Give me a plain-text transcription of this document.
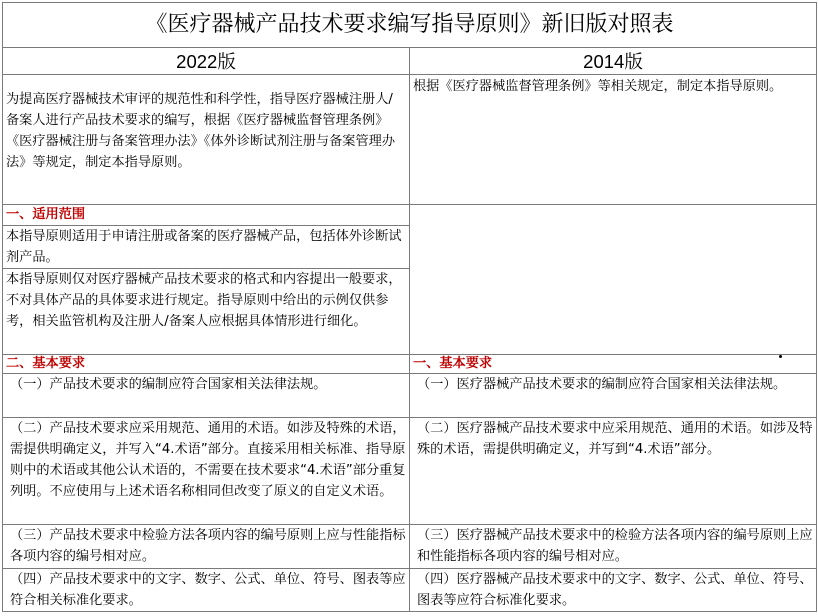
《医疗器械产品技术要求编写指导原则》新旧版对照表	
2022版	2014版
为提高医疗器械技术审评的规范性和科学性，指导医疗器械注册人/备案人进行产品技术要求的编写，根据《医疗器械监督管理条例》《医疗器械注册与备案管理办法》《体外诊断试剂注册与备案管理办法》等规定，制定本指导原则。	根据《医疗器械监督管理条例》等相关规定，制定本指导原则。
一、适用范围	
本指导原则适用于申请注册或备案的医疗器械产品，包括体外诊断试剂产品。	
本指导原则仅对医疗器械产品技术要求的格式和内容提出一般要求，不对具体产品的具体要求进行规定。指导原则中给出的示例仅供参考，相关监管机构及注册人/备案人应根据具体情形进行细化。	
二、基本要求	一、基本要求
（一）产品技术要求的编制应符合国家相关法律法规。	（一）医疗器械产品技术要求的编制应符合国家相关法律法规。
（二）产品技术要求应采用规范、通用的术语。如涉及特殊的术语，需提供明确定义，并写入“4.术语”部分。直接采用相关标准、指导原则中的术语或其他公认术语的，不需要在技术要求“4.术语”部分重复列明。不应使用与上述术语名称相同但改变了原义的自定义术语。	（二）医疗器械产品技术要求中应采用规范、通用的术语。如涉及特殊的术语，需提供明确定义，并写到“4.术语”部分。
（三）产品技术要求中检验方法各项内容的编号原则上应与性能指标各项内容的编号相对应。	（三）医疗器械产品技术要求中的检验方法各项内容的编号原则上应和性能指标各项内容的编号相对应。
（四）产品技术要求中的文字、数字、公式、单位、符号、图表等应符合相关标准化要求。	（四）医疗器械产品技术要求中的文字、数字、公式、单位、符号、图表等应符合标准化要求。
